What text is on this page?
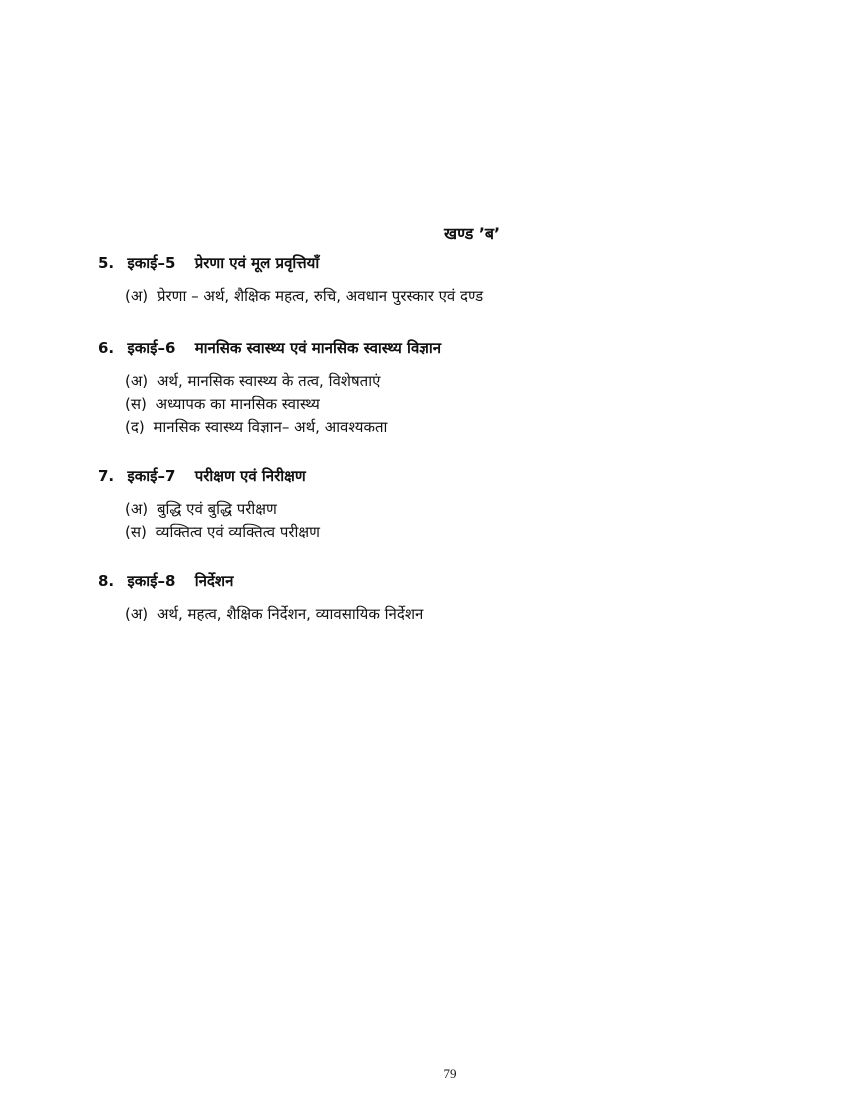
खण्ड ’ब’
5. इकाई–5 प्रेरणा एवं मूल प्रवृत्तियाँ
(अ) प्रेरणा – अर्थ, शैक्षिक महत्व, रुचि, अवधान पुरस्कार एवं दण्ड
6. इकाई–6 मानसिक स्वास्थ्य एवं मानसिक स्वास्थ्य विज्ञान
(अ) अर्थ, मानसिक स्वास्थ्य के तत्व, विशेषताएं
(स) अध्यापक का मानसिक स्वास्थ्य
(द) मानसिक स्वास्थ्य विज्ञान– अर्थ, आवश्यकता
7. इकाई–7 परीक्षण एवं निरीक्षण
(अ) बुद्धि एवं बुद्धि परीक्षण
(स) व्यक्तित्व एवं व्यक्तित्व परीक्षण
8. इकाई–8 निर्देशन
(अ) अर्थ, महत्व, शैक्षिक निर्देशन, व्यावसायिक निर्देशन
79
